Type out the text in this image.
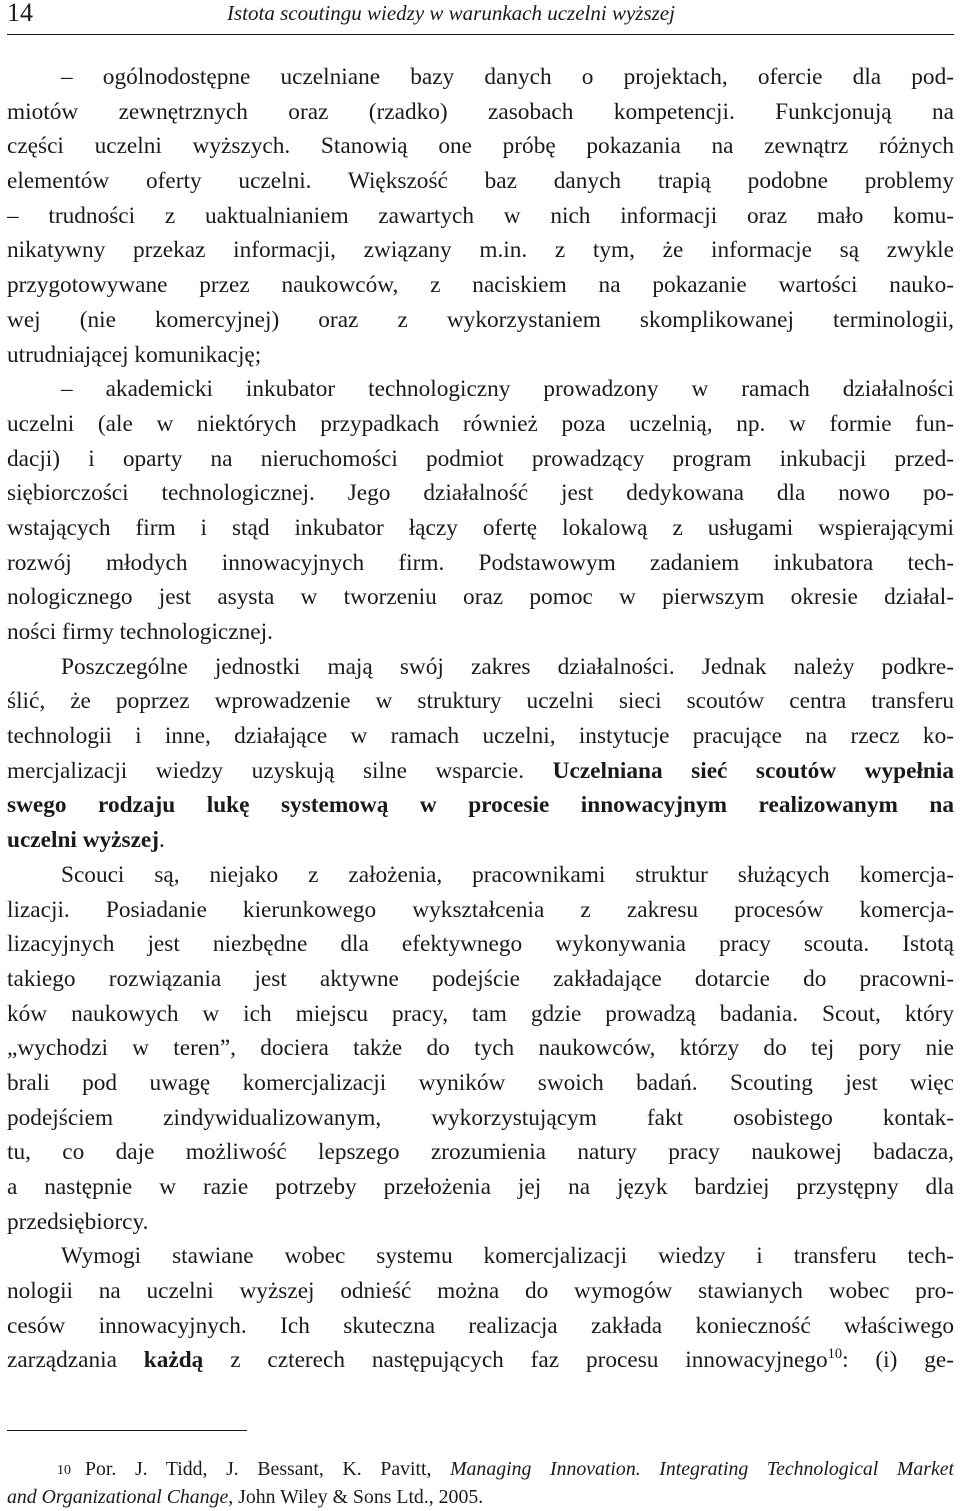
14	Istota scoutingu wiedzy w warunkach uczelni wyższej
– ogólnodostępne uczelniane bazy danych o projektach, ofercie dla pod-
miotów zewnętrznych oraz (rzadko) zasobach kompetencji. Funkcjonują na
części uczelni wyższych. Stanowią one próbę pokazania na zewnątrz różnych
elementów oferty uczelni. Większość baz danych trapią podobne problemy
– trudności z uaktualnianiem zawartych w nich informacji oraz mało komu-
nikatywny przekaz informacji, związany m.in. z tym, że informacje są zwykle
przygotowywane przez naukowców, z naciskiem na pokazanie wartości nauko-
wej (nie komercyjnej) oraz z wykorzystaniem skomplikowanej terminologii,
utrudniającej komunikację;
– akademicki inkubator technologiczny prowadzony w ramach działalności
uczelni (ale w niektórych przypadkach również poza uczelnią, np. w formie fun-
dacji) i oparty na nieruchomości podmiot prowadzący program inkubacji przed-
siębiorczości technologicznej. Jego działalność jest dedykowana dla nowo po-
wstających firm i stąd inkubator łączy ofertę lokalową z usługami wspierającymi
rozwój młodych innowacyjnych firm. Podstawowym zadaniem inkubatora tech-
nologicznego jest asysta w tworzeniu oraz pomoc w pierwszym okresie działal-
ności firmy technologicznej.
Poszczególne jednostki mają swój zakres działalności. Jednak należy podkre-
ślić, że poprzez wprowadzenie w struktury uczelni sieci scoutów centra transferu
technologii i inne, działające w ramach uczelni, instytucje pracujące na rzecz ko-
mercjalizacji wiedzy uzyskują silne wsparcie. Uczelniana sieć scoutów wypełnia
swego rodzaju lukę systemową w procesie innowacyjnym realizowanym na
uczelni wyższej.
Scouci są, niejako z założenia, pracownikami struktur służących komercja-
lizacji. Posiadanie kierunkowego wykształcenia z zakresu procesów komercja-
lizacyjnych jest niezbędne dla efektywnego wykonywania pracy scouta. Istotą
takiego rozwiązania jest aktywne podejście zakładające dotarcie do pracowni-
ków naukowych w ich miejscu pracy, tam gdzie prowadzą badania. Scout, który
„wychodzi w teren”, dociera także do tych naukowców, którzy do tej pory nie
brali pod uwagę komercjalizacji wyników swoich badań. Scouting jest więc
podejściem zindywidualizowanym, wykorzystującym fakt osobistego kontak-
tu, co daje możliwość lepszego zrozumienia natury pracy naukowej badacza,
a następnie w razie potrzeby przełożenia jej na język bardziej przystępny dla
przedsiębiorcy.
Wymogi stawiane wobec systemu komercjalizacji wiedzy i transferu tech-
nologii na uczelni wyższej odnieść można do wymogów stawianych wobec pro-
cesów innowacyjnych. Ich skuteczna realizacja zakłada konieczność właściwego
zarządzania każdą z czterech następujących faz procesu innowacyjnego$^{10}$: (i) ge-
$^{10}$ Por. J. Tidd, J. Bessant, K. Pavitt, Managing Innovation. Integrating Technological Market
and Organizational Change, John Wiley & Sons Ltd., 2005.
